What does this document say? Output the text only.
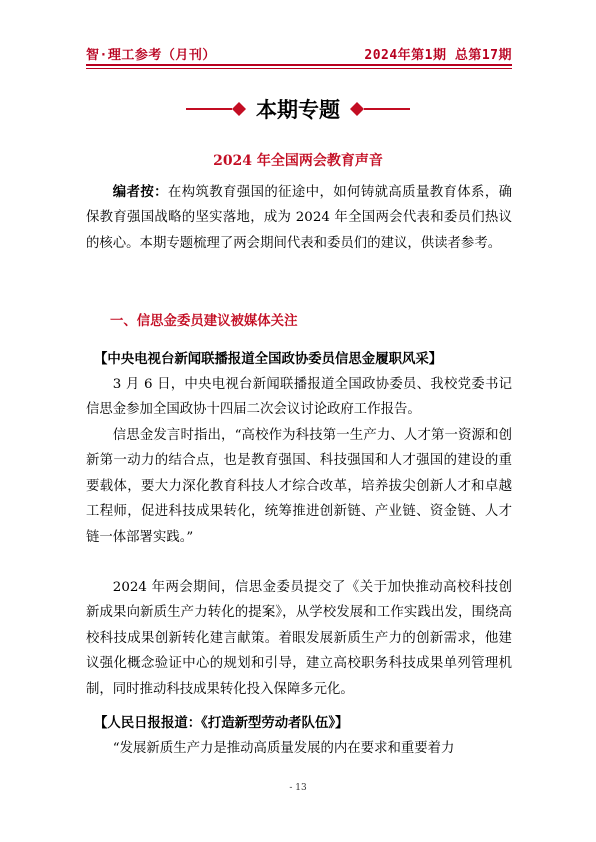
智·理工参考（月刊）	2024年第1期 总第17期
本期专题
2024 年全国两会教育声音

编者按：在构筑教育强国的征途中，如何铸就高质量教育体系，确保教育强国战略的坚实落地，成为 2024 年全国两会代表和委员们热议的核心。本期专题梳理了两会期间代表和委员们的建议，供读者参考。

一、信思金委员建议被媒体关注
【中央电视台新闻联播报道全国政协委员信思金履职风采】

3 月 6 日，中央电视台新闻联播报道全国政协委员、我校党委书记信思金参加全国政协十四届二次会议讨论政府工作报告。

信思金发言时指出，“高校作为科技第一生产力、人才第一资源和创新第一动力的结合点，也是教育强国、科技强国和人才强国的建设的重要载体，要大力深化教育科技人才综合改革，培养拔尖创新人才和卓越工程师，促进科技成果转化，统筹推进创新链、产业链、资金链、人才链一体部署实践。”

2024 年两会期间，信思金委员提交了《关于加快推动高校科技创新成果向新质生产力转化的提案》，从学校发展和工作实践出发，围绕高校科技成果创新转化建言献策。着眼发展新质生产力的创新需求，他建议强化概念验证中心的规划和引导，建立高校职务科技成果单列管理机制，同时推动科技成果转化投入保障多元化。

【人民日报报道：《打造新型劳动者队伍》】

“发展新质生产力是推动高质量发展的内在要求和重要着力

- 13
